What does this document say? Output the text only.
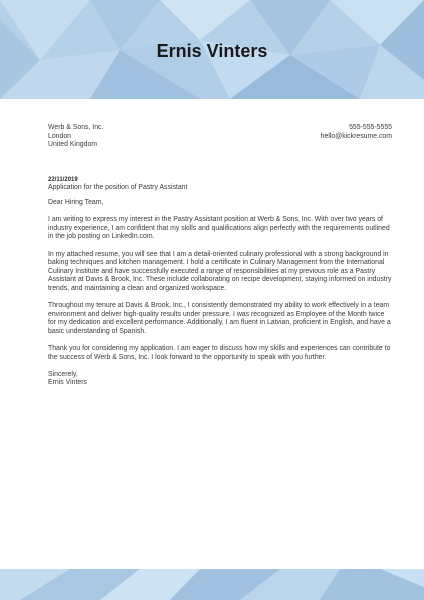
Ernis Vinters
Werb & Sons, Inc.
London
United Kingdom
555-555-5555
hello@kickresume.com
22/11/2019
Application for the position of Pastry Assistant

Dear Hiring Team,

I am writing to express my interest in the Pastry Assistant position at Werb & Sons, Inc. With over two years of industry experience, I am confident that my skills and qualifications align perfectly with the requirements outlined in the job posting on LinkedIn.com.

In my attached resume, you will see that I am a detail-oriented culinary professional with a strong background in baking techniques and kitchen management. I hold a certificate in Culinary Management from the International Culinary Institute and have successfully executed a range of responsibilities at my previous role as a Pastry Assistant at Davis & Brook, Inc. These include collaborating on recipe development, staying informed on industry trends, and maintaining a clean and organized workspace.

Throughout my tenure at Davis & Brook, Inc., I consistently demonstrated my ability to work effectively in a team environment and deliver high-quality results under pressure. I was recognized as Employee of the Month twice for my dedication and excellent performance. Additionally, I am fluent in Latvian, proficient in English, and have a basic understanding of Spanish.

Thank you for considering my application. I am eager to discuss how my skills and experiences can contribute to the success of Werb & Sons, Inc. I look forward to the opportunity to speak with you further.

Sincerely,
Ernis Vinters
